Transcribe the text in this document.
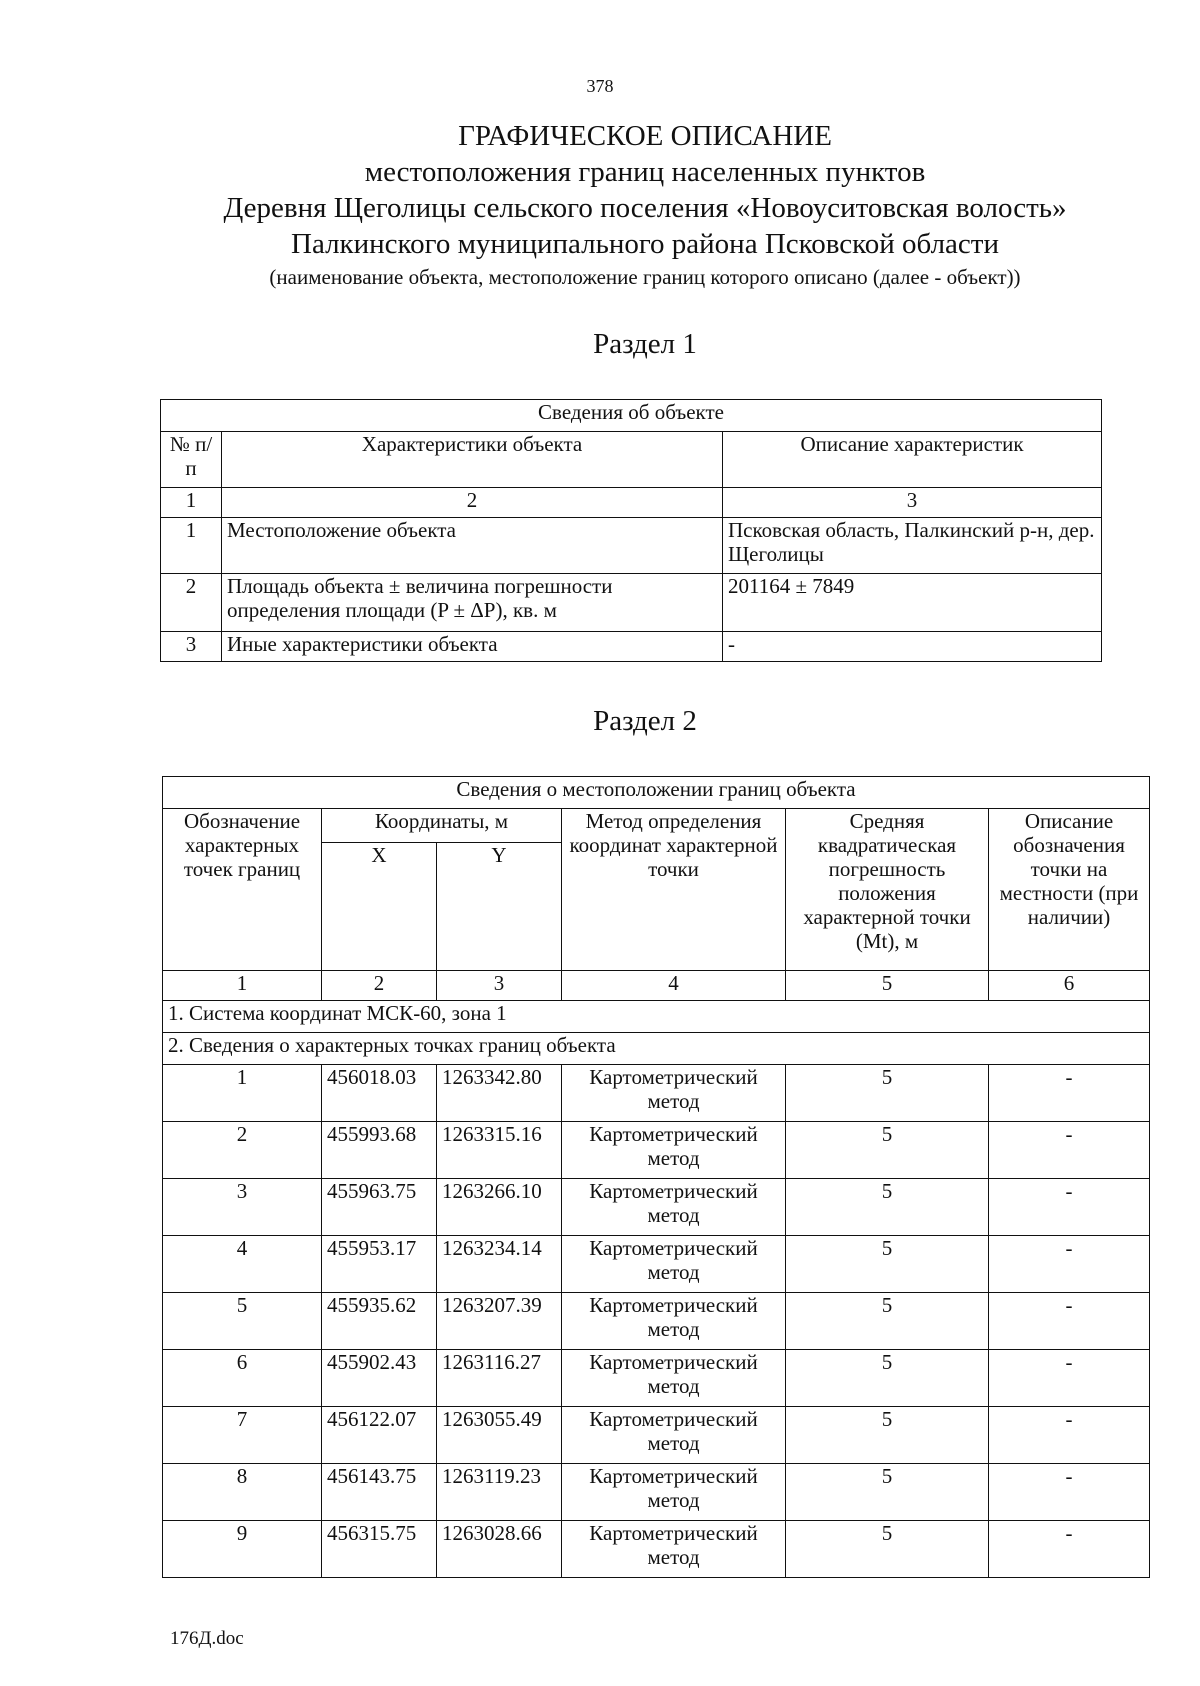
378
ГРАФИЧЕСКОЕ ОПИСАНИЕ
местоположения границ населенных пунктов
Деревня Щеголицы сельского поселения «Новоуситовская волость»
Палкинского муниципального района Псковской области
(наименование объекта, местоположение границ которого описано (далее - объект))
Раздел 1
Сведения об объекте		
№ п/п	Характеристики объекта	Описание характеристик
1	2	3
1	Местоположение объекта	Псковская область, Палкинский р-н, дер. Щеголицы
2	Площадь объекта ± величина погрешности определения площади (P ± ΔP), кв. м	201164 ± 7849
3	Иные характеристики объекта	-
Раздел 2
Сведения о местоположении границ объекта					
Обозначение характерных точек границ	Координаты, м		Метод определения координат характерной точки	Средняя квадратическая погрешность положения характерной точки (Mt), м	Описание обозначения точки на местности (при наличии)
	X	Y			
1	2	3	4	5	6
1. Система координат МСК-60, зона 1					
2. Сведения о характерных точках границ объекта					
1	456018.03	1263342.80	Картометрический метод	5	-
2	455993.68	1263315.16	Картометрический метод	5	-
3	455963.75	1263266.10	Картометрический метод	5	-
4	455953.17	1263234.14	Картометрический метод	5	-
5	455935.62	1263207.39	Картометрический метод	5	-
6	455902.43	1263116.27	Картометрический метод	5	-
7	456122.07	1263055.49	Картометрический метод	5	-
8	456143.75	1263119.23	Картометрический метод	5	-
9	456315.75	1263028.66	Картометрический метод	5	-
176Д.doc
